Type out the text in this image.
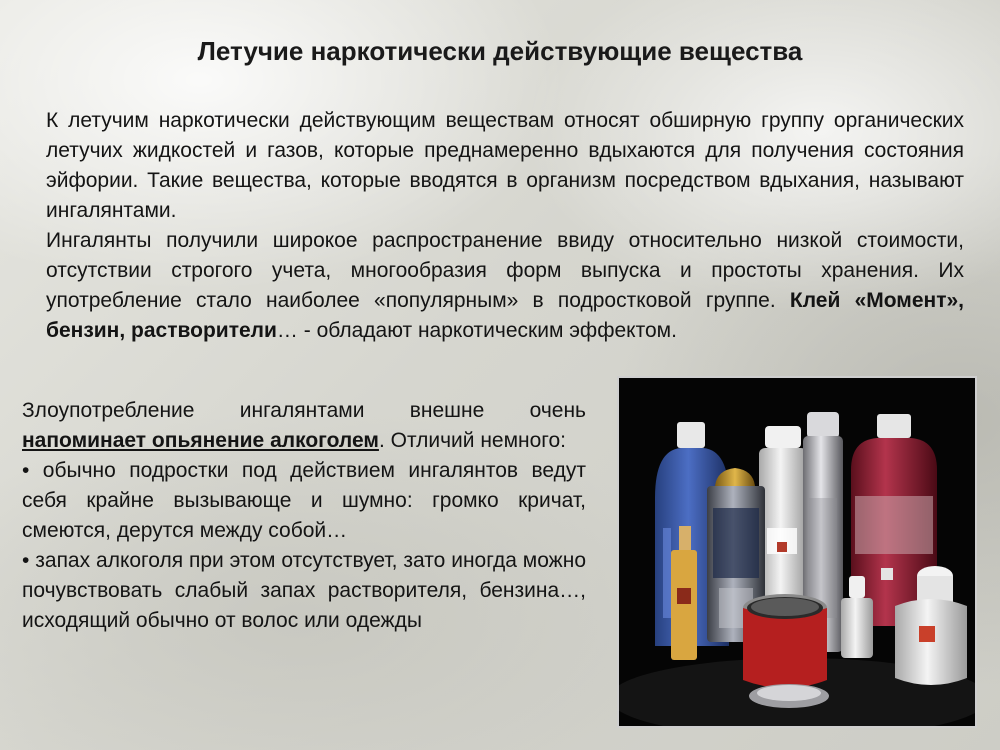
Летучие наркотически действующие вещества

К летучим наркотически действующим веществам относят обширную группу органических летучих жидкостей и газов, которые преднамеренно вдыхаются для получения состояния эйфории. Такие вещества, которые вводятся в организм посредством вдыхания, называют ингалянтами.

Ингалянты получили широкое распространение ввиду относительно низкой стоимости, отсутствии строгого учета, многообразия форм выпуска и простоты хранения. Их употребление стало наиболее «популярным» в подростковой группе. Клей «Момент», бензин, растворители… - обладают наркотическим эффектом.

Злоупотребление ингалянтами внешне очень напоминает опьянение алкоголем. Отличий немного:

• обычно подростки под действием ингалянтов ведут себя крайне вызывающе и шумно: громко кричат, смеются, дерутся между собой…

• запах алкоголя при этом отсутствует, зато иногда можно почувствовать слабый запах растворителя, бензина…, исходящий обычно от волос или одежды
